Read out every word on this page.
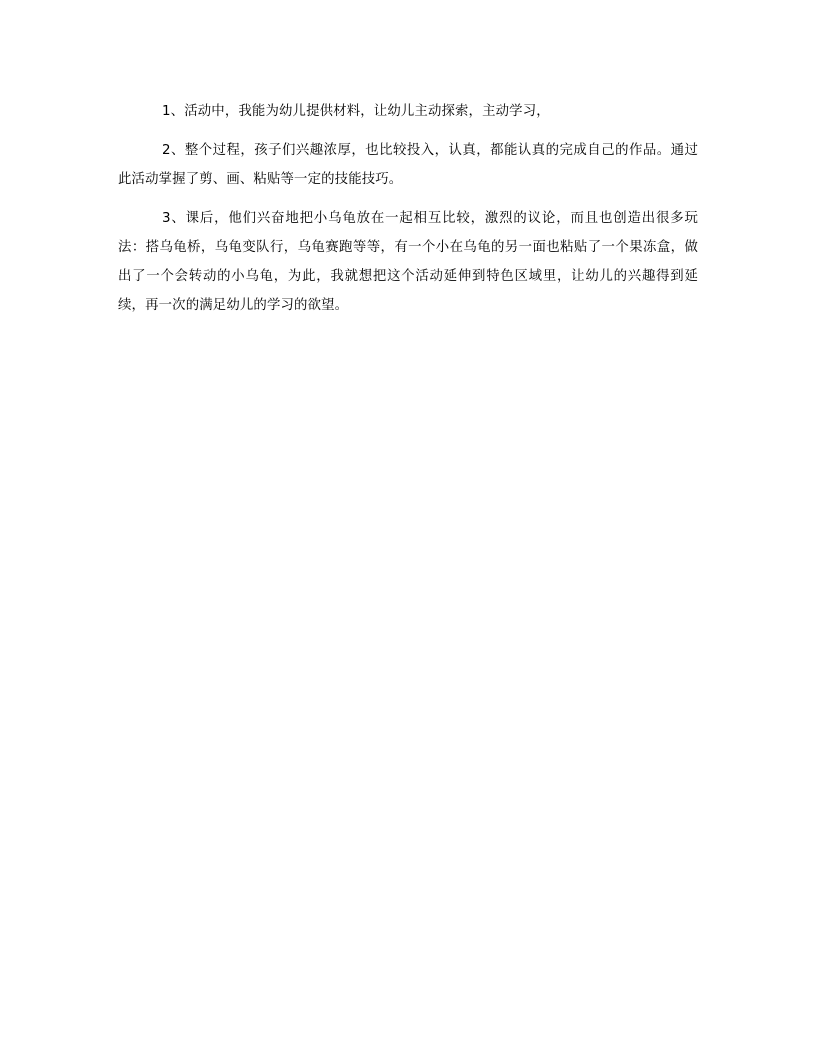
1、活动中，我能为幼儿提供材料，让幼儿主动探索，主动学习，

2、整个过程，孩子们兴趣浓厚，也比较投入，认真，都能认真的完成自己的作品。通过此活动掌握了剪、画、粘贴等一定的技能技巧。

3、课后，他们兴奋地把小乌龟放在一起相互比较，激烈的议论，而且也创造出很多玩法：搭乌龟桥，乌龟变队行，乌龟赛跑等等，有一个小在乌龟的另一面也粘贴了一个果冻盒，做出了一个会转动的小乌龟，为此，我就想把这个活动延伸到特色区域里，让幼儿的兴趣得到延续，再一次的满足幼儿的学习的欲望。
